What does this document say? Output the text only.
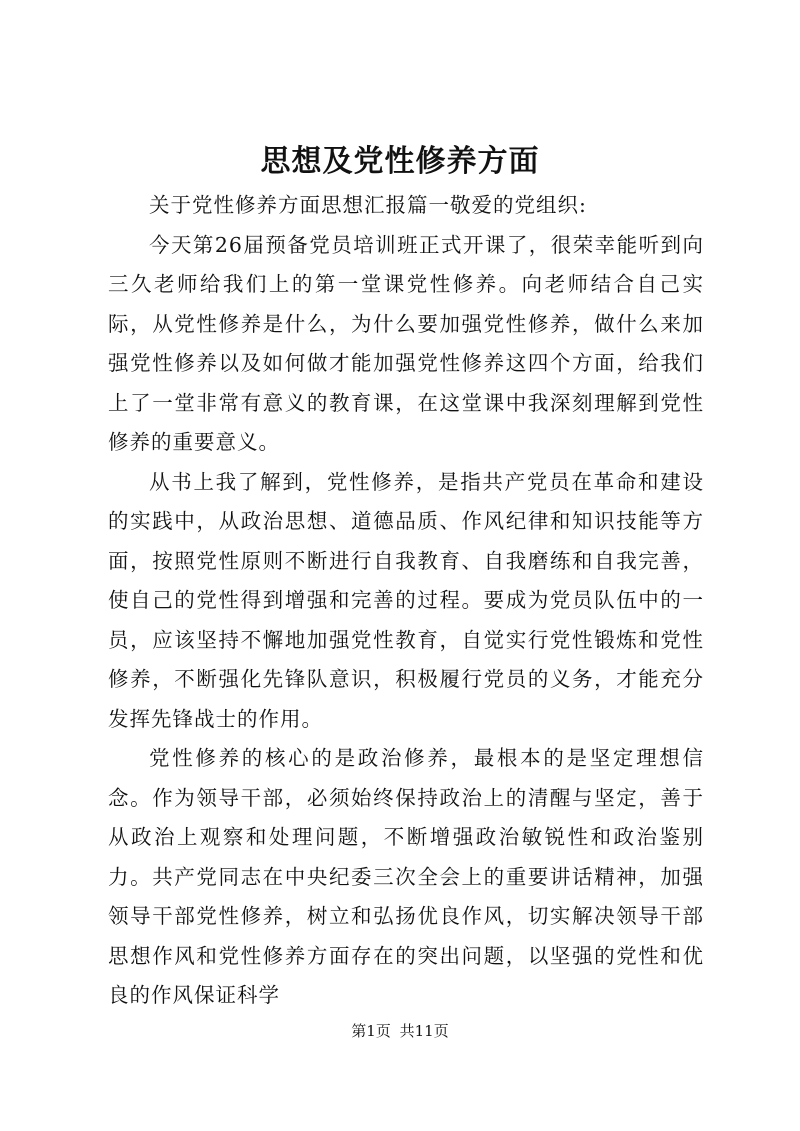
思想及党性修养方面

关于党性修养方面思想汇报篇一敬爱的党组织:

今天第26届预备党员培训班正式开课了，很荣幸能听到向三久老师给我们上的第一堂课党性修养。向老师结合自己实际，从党性修养是什么，为什么要加强党性修养，做什么来加强党性修养以及如何做才能加强党性修养这四个方面，给我们上了一堂非常有意义的教育课，在这堂课中我深刻理解到党性修养的重要意义。

从书上我了解到，党性修养，是指共产党员在革命和建设的实践中，从政治思想、道德品质、作风纪律和知识技能等方面，按照党性原则不断进行自我教育、自我磨练和自我完善，使自己的党性得到增强和完善的过程。要成为党员队伍中的一员，应该坚持不懈地加强党性教育，自觉实行党性锻炼和党性修养，不断强化先锋队意识，积极履行党员的义务，才能充分发挥先锋战士的作用。

党性修养的核心的是政治修养，最根本的是坚定理想信念。作为领导干部，必须始终保持政治上的清醒与坚定，善于从政治上观察和处理问题，不断增强政治敏锐性和政治鉴别力。共产党同志在中央纪委三次全会上的重要讲话精神，加强领导干部党性修养，树立和弘扬优良作风，切实解决领导干部思想作风和党性修养方面存在的突出问题，以坚强的党性和优良的作风保证科学

第1页 共11页
